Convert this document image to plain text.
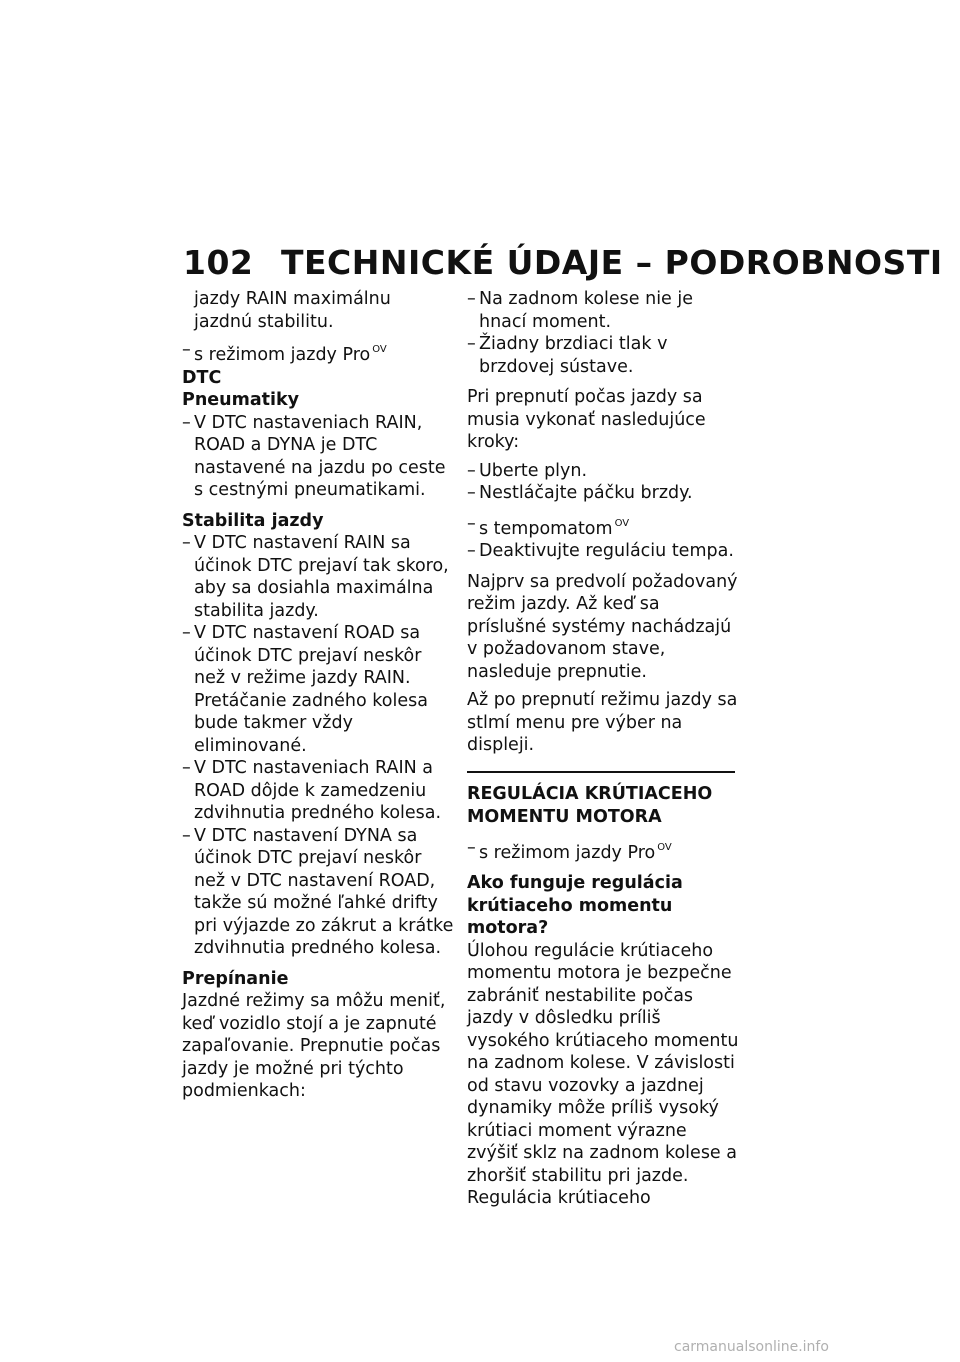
102 TECHNICKÉ ÚDAJE – PODROBNOSTI

jazdy RAIN maximálnu jazdnú stabilitu.

– s režimom jazdy Pro $^{OV}$

DTC

Pneumatiky

– V DTC nastaveniach RAIN, ROAD a DYNA je DTC nastavené na jazdu po ceste s cestnými pneumatikami.

Stabilita jazdy

– V DTC nastavení RAIN sa účinok DTC prejaví tak skoro, aby sa dosiahla maximálna stabilita jazdy.

– V DTC nastavení ROAD sa účinok DTC prejaví neskôr než v režime jazdy RAIN. Pretáčanie zadného kolesa bude takmer vždy eliminované.

– V DTC nastaveniach RAIN a ROAD dôjde k zamedzeniu zdvihnutia predného kolesa.

– V DTC nastavení DYNA sa účinok DTC prejaví neskôr než v DTC nastavení ROAD, takže sú možné ľahké drifty pri výjazde zo zákrut a krátke zdvihnutia predného kolesa.

Prepínanie

Jazdné režimy sa môžu meniť, keď vozidlo stojí a je zapnuté zapaľovanie. Prepnutie počas jazdy je možné pri týchto podmienkach:

– Na zadnom kolese nie je hnací moment.

– Žiadny brzdiaci tlak v brzdovej sústave.

Pri prepnutí počas jazdy sa musia vykonať nasledujúce kroky:

– Uberte plyn.

– Nestláčajte páčku brzdy.

– s tempomatom $^{OV}$

– Deaktivujte reguláciu tempa.

Najprv sa predvolí požadovaný režim jazdy. Až keď sa príslušné systémy nachádzajú v požadovanom stave, nasleduje prepnutie.

Až po prepnutí režimu jazdy sa stlmí menu pre výber na displeji.

REGULÁCIA KRÚTIACEHO MOMENTU MOTORA

– s režimom jazdy Pro $^{OV}$

Ako funguje regulácia krútiaceho momentu motora?

Úlohou regulácie krútiaceho momentu motora je bezpečne zabrániť nestabilite počas jazdy v dôsledku príliš vysokého krútiaceho momentu na zadnom kolese. V závislosti od stavu vozovky a jazdnej dynamiky môže príliš vysoký krútiaci moment výrazne zvýšiť sklz na zadnom kolese a zhoršiť stabilitu pri jazde. Regulácia krútiaceho

carmanualsonline.info
